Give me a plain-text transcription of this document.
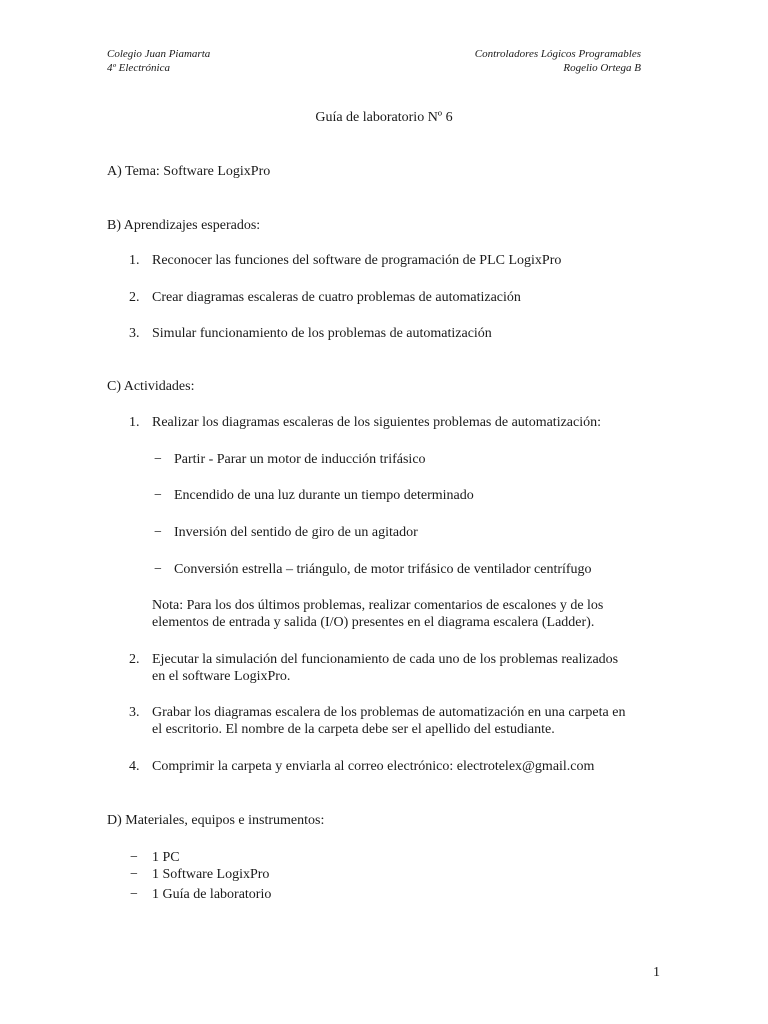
Colegio Juan Piamarta
4º Electrónica
Controladores Lógicos Programables
Rogelio Ortega B
Guía de laboratorio Nº 6
A) Tema: Software LogixPro
B) Aprendizajes esperados:
1. Reconocer las funciones del software de programación de PLC LogixPro
2. Crear diagramas escaleras de cuatro problemas de automatización
3. Simular funcionamiento de los problemas de automatización
C) Actividades:
1. Realizar los diagramas escaleras de los siguientes problemas de automatización:
− Partir - Parar un motor de inducción trifásico
− Encendido de una luz durante un tiempo determinado
− Inversión del sentido de giro de un agitador
− Conversión estrella – triángulo, de motor trifásico de ventilador centrífugo
Nota: Para los dos últimos problemas, realizar comentarios de escalones y de los
elementos de entrada y salida (I/O) presentes en el diagrama escalera (Ladder).
2. Ejecutar la simulación del funcionamiento de cada uno de los problemas realizados
en el software LogixPro.
3. Grabar los diagramas escalera de los problemas de automatización en una carpeta en
el escritorio. El nombre de la carpeta debe ser el apellido del estudiante.
4. Comprimir la carpeta y enviarla al correo electrónico: electrotelex@gmail.com
D) Materiales, equipos e instrumentos:
− 1 PC
− 1 Software LogixPro
− 1 Guía de laboratorio
1
